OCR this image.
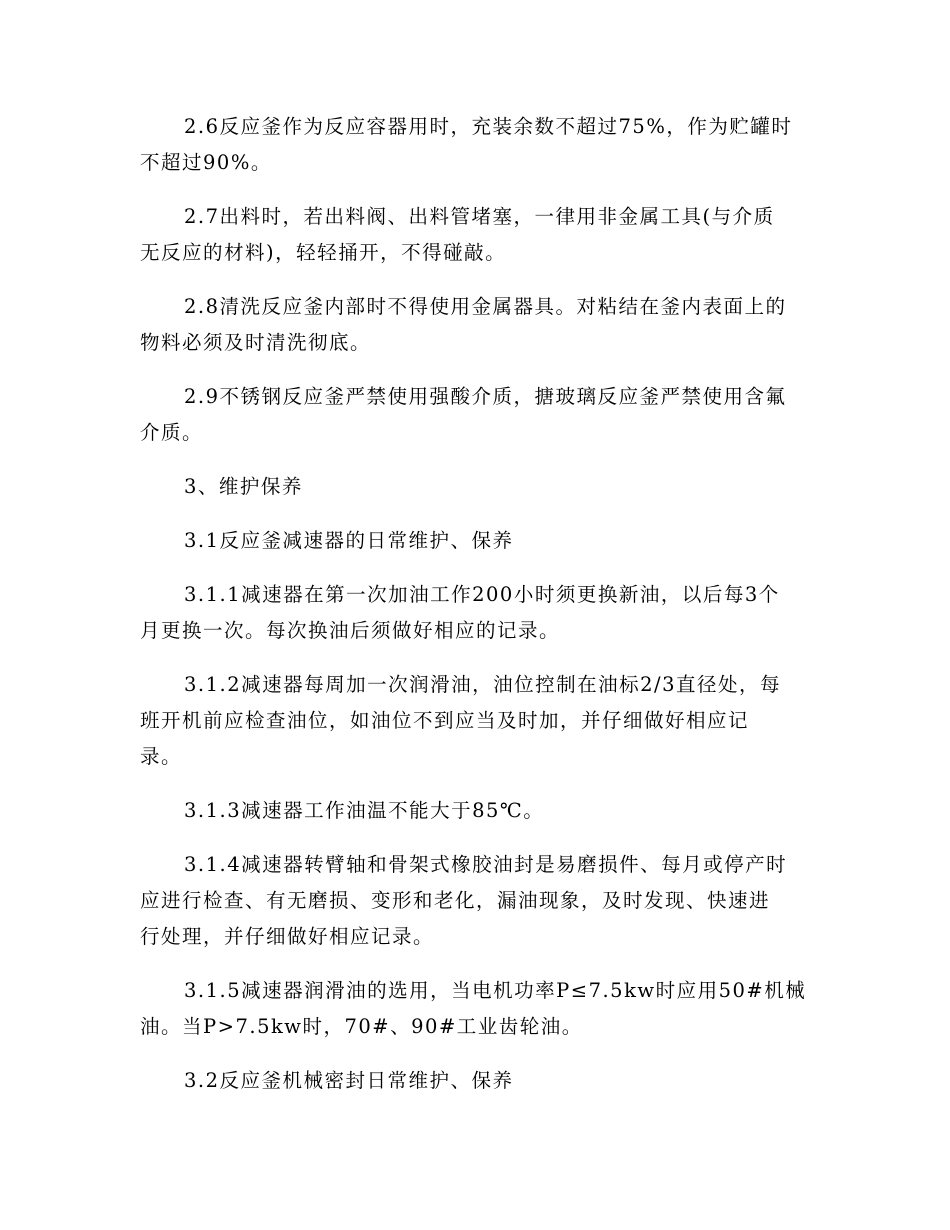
2.6反应釜作为反应容器用时，充装余数不超过75%，作为贮罐时
不超过90%。
2.7出料时，若出料阀、出料管堵塞，一律用非金属工具(与介质
无反应的材料)，轻轻捅开，不得碰敲。
2.8清洗反应釜内部时不得使用金属器具。对粘结在釜内表面上的
物料必须及时清洗彻底。
2.9不锈钢反应釜严禁使用强酸介质，搪玻璃反应釜严禁使用含氟
介质。
3、维护保养
3.1反应釜减速器的日常维护、保养
3.1.1减速器在第一次加油工作200小时须更换新油，以后每3个
月更换一次。每次换油后须做好相应的记录。
3.1.2减速器每周加一次润滑油，油位控制在油标2/3直径处，每
班开机前应检查油位，如油位不到应当及时加，并仔细做好相应记
录。
3.1.3减速器工作油温不能大于85℃。
3.1.4减速器转臂轴和骨架式橡胶油封是易磨损件、每月或停产时
应进行检查、有无磨损、变形和老化，漏油现象，及时发现、快速进
行处理，并仔细做好相应记录。
3.1.5减速器润滑油的选用，当电机功率P≤7.5kw时应用50#机械
油。当P>7.5kw时，70#、90#工业齿轮油。
3.2反应釜机械密封日常维护、保养
